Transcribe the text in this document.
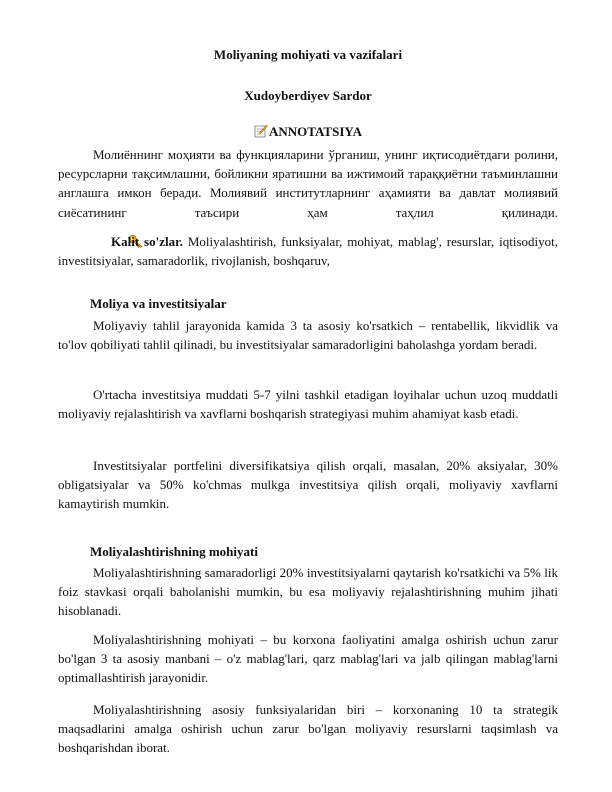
Moliyaning mohiyati va vazifalari
Xudoyberdiyev Sardor
ANNOTATSIYA

Молиённинг моҳияти ва функцияларини ўрганиш, унинг иқтисодиётдаги ролини, ресурсларни тақсимлашни, бойликни яратишни ва ижтимоий тараққиётни таъминлашни англашга имкон беради. Молиявий институтларнинг аҳамияти ва давлат молиявий сиёсатининг таъсири ҳам таҳлил қилинади.

Kalit so'zlar. Moliyalashtirish, funksiyalar, mohiyat, mablag', resurslar, iqtisodiyot, investitsiyalar, samaradorlik, rivojlanish, boshqaruv,

Moliya va investitsiyalar

Moliyaviy tahlil jarayonida kamida 3 ta asosiy ko'rsatkich – rentabellik, likvidlik va to'lov qobiliyati tahlil qilinadi, bu investitsiyalar samaradorligini baholashga yordam beradi.

O'rtacha investitsiya muddati 5-7 yilni tashkil etadigan loyihalar uchun uzoq muddatli moliyaviy rejalashtirish va xavflarni boshqarish strategiyasi muhim ahamiyat kasb etadi.

Investitsiyalar portfelini diversifikatsiya qilish orqali, masalan, 20% aksiyalar, 30% obligatsiyalar va 50% ko'chmas mulkga investitsiya qilish orqali, moliyaviy xavflarni kamaytirish mumkin.

Moliyalashtirishning mohiyati

Moliyalashtirishning samaradorligi 20% investitsiyalarni qaytarish ko'rsatkichi va 5% lik foiz stavkasi orqali baholanishi mumkin, bu esa moliyaviy rejalashtirishning muhim jihati hisoblanadi.

Moliyalashtirishning mohiyati – bu korxona faoliyatini amalga oshirish uchun zarur bo'lgan 3 ta asosiy manbani – o'z mablag'lari, qarz mablag'lari va jalb qilingan mablag'larni optimallashtirish jarayonidir.

Moliyalashtirishning asosiy funksiyalaridan biri – korxonaning 10 ta strategik maqsadlarini amalga oshirish uchun zarur bo'lgan moliyaviy resurslarni taqsimlash va boshqarishdan iborat.
